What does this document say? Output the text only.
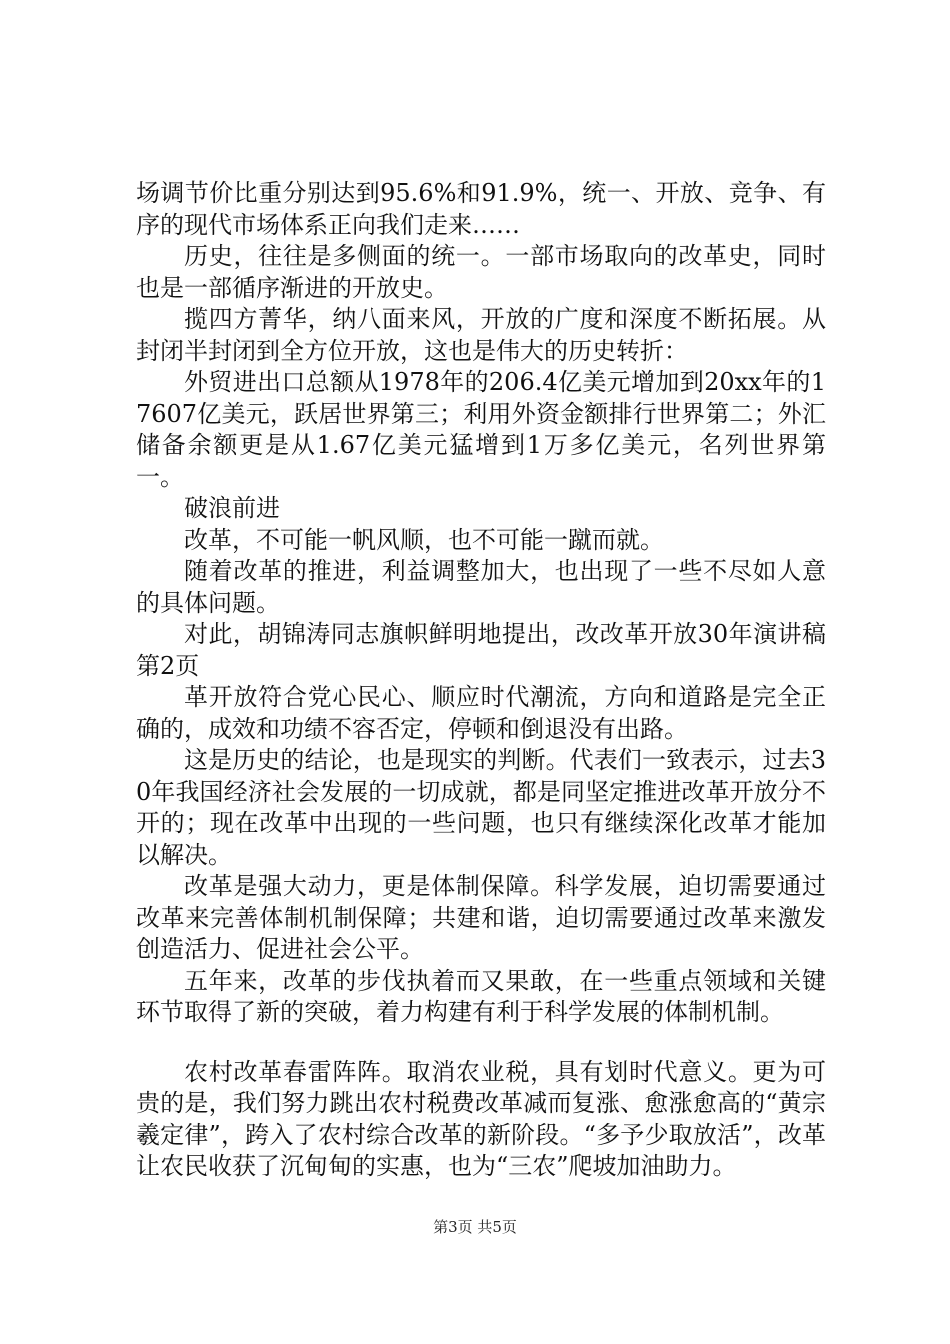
场调节价比重分别达到95.6%和91.9%，统一、开放、竞争、有序的现代市场体系正向我们走来……

历史，往往是多侧面的统一。一部市场取向的改革史，同时也是一部循序渐进的开放史。

揽四方菁华，纳八面来风，开放的广度和深度不断拓展。从封闭半封闭到全方位开放，这也是伟大的历史转折：

外贸进出口总额从1978年的206.4亿美元增加到20xx年的17607亿美元，跃居世界第三；利用外资金额排行世界第二；外汇储备余额更是从1.67亿美元猛增到1万多亿美元，名列世界第一。

破浪前进

改革，不可能一帆风顺，也不可能一蹴而就。

随着改革的推进，利益调整加大，也出现了一些不尽如人意的具体问题。

对此，胡锦涛同志旗帜鲜明地提出，改改革开放30年演讲稿第2页

革开放符合党心民心、顺应时代潮流，方向和道路是完全正确的，成效和功绩不容否定，停顿和倒退没有出路。

这是历史的结论，也是现实的判断。代表们一致表示，过去30年我国经济社会发展的一切成就，都是同坚定推进改革开放分不开的；现在改革中出现的一些问题，也只有继续深化改革才能加以解决。

改革是强大动力，更是体制保障。科学发展，迫切需要通过改革来完善体制机制保障；共建和谐，迫切需要通过改革来激发创造活力、促进社会公平。

五年来，改革的步伐执着而又果敢，在一些重点领域和关键环节取得了新的突破，着力构建有利于科学发展的体制机制。

农村改革春雷阵阵。取消农业税，具有划时代意义。更为可贵的是，我们努力跳出农村税费改革减而复涨、愈涨愈高的“黄宗羲定律”，跨入了农村综合改革的新阶段。“多予少取放活”，改革让农民收获了沉甸甸的实惠，也为“三农”爬坡加油助力。

第3页 共5页
